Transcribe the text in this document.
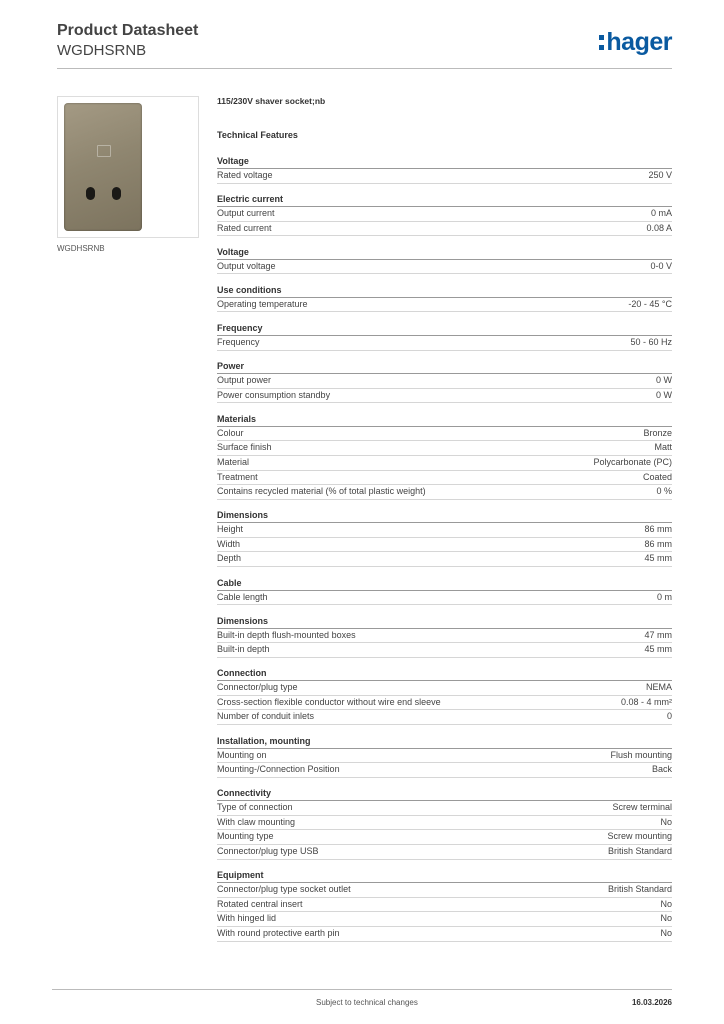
Product Datasheet
WGDHSRNB	hager
WGDHSRNB
115/230V shaver socket;nb
Technical Features
Voltage
Rated voltage	250 V
Electric current
Output current	0 mA
Rated current	0.08 A
Voltage
Output voltage	0-0 V
Use conditions
Operating temperature	-20 - 45 °C
Frequency
Frequency	50 - 60 Hz
Power
Output power	0 W
Power consumption standby	0 W
Materials
Colour	Bronze
Surface finish	Matt
Material	Polycarbonate (PC)
Treatment	Coated
Contains recycled material (% of total plastic weight)	0 %
Dimensions
Height	86 mm
Width	86 mm
Depth	45 mm
Cable
Cable length	0 m
Dimensions
Built-in depth flush-mounted boxes	47 mm
Built-in depth	45 mm
Connection
Connector/plug type	NEMA
Cross-section flexible conductor without wire end sleeve	0.08 - 4 mm²
Number of conduit inlets	0
Installation, mounting
Mounting on	Flush mounting
Mounting-/Connection Position	Back
Connectivity
Type of connection	Screw terminal
With claw mounting	No
Mounting type	Screw mounting
Connector/plug type USB	British Standard
Equipment
Connector/plug type socket outlet	British Standard
Rotated central insert	No
With hinged lid	No
With round protective earth pin	No
Subject to technical changes	16.03.2026
